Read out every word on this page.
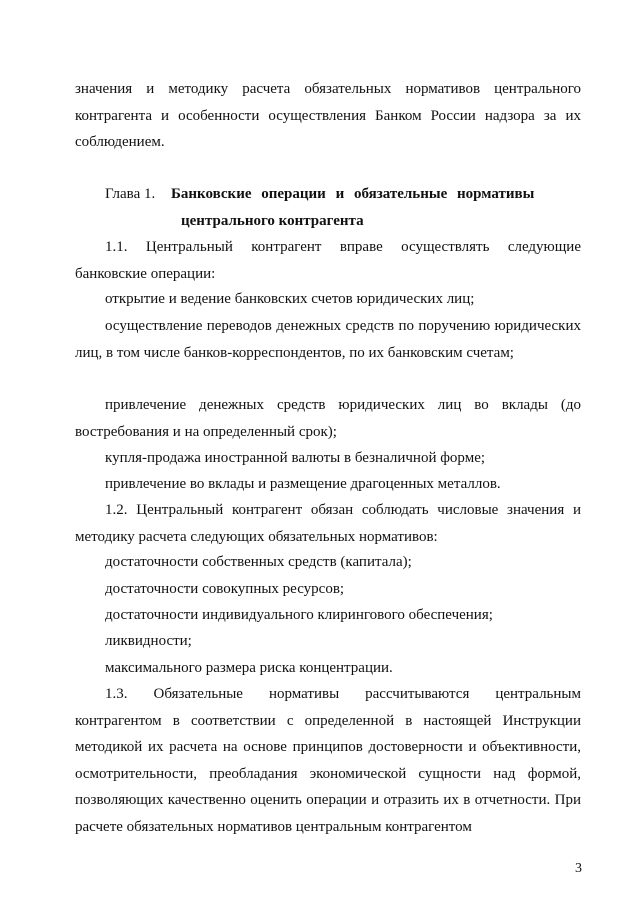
значения и методику расчета обязательных нормативов центрального контрагента и особенности осуществления Банком России надзора за их соблюдением.

Глава 1. Банковские операции и обязательные нормативы
центрального контрагента

1.1. Центральный контрагент вправе осуществлять следующие банковские операции:

открытие и ведение банковских счетов юридических лиц;

осуществление переводов денежных средств по поручению юридических лиц, в том числе банков-корреспондентов, по их банковским счетам;

привлечение денежных средств юридических лиц во вклады (до востребования и на определенный срок);

купля-продажа иностранной валюты в безналичной форме;

привлечение во вклады и размещение драгоценных металлов.

1.2. Центральный контрагент обязан соблюдать числовые значения и методику расчета следующих обязательных нормативов:

достаточности собственных средств (капитала);

достаточности совокупных ресурсов;

достаточности индивидуального клирингового обеспечения;

ликвидности;

максимального размера риска концентрации.

1.3. Обязательные нормативы рассчитываются центральным контрагентом в соответствии с определенной в настоящей Инструкции методикой их расчета на основе принципов достоверности и объективности, осмотрительности, преобладания экономической сущности над формой, позволяющих качественно оценить операции и отразить их в отчетности. При расчете обязательных нормативов центральным контрагентом

3
